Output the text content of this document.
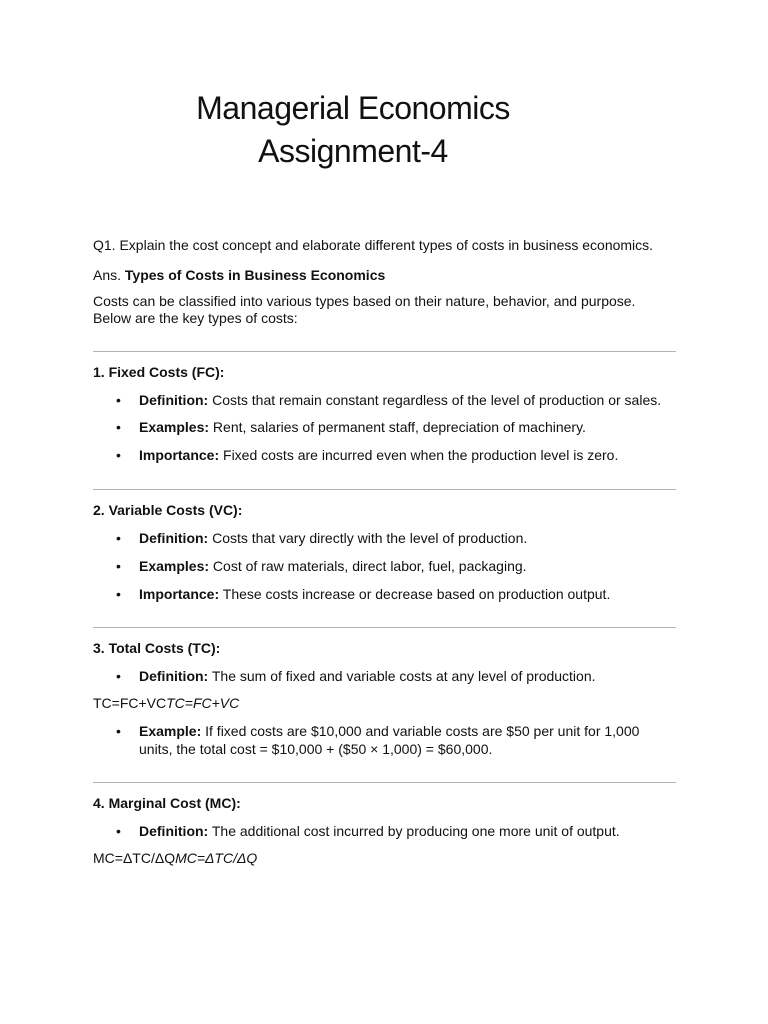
Managerial Economics
Assignment-4

Q1. Explain the cost concept and elaborate different types of costs in business economics.

Ans. Types of Costs in Business Economics

Costs can be classified into various types based on their nature, behavior, and purpose. Below are the key types of costs:

1. Fixed Costs (FC):
• Definition: Costs that remain constant regardless of the level of production or sales.
• Examples: Rent, salaries of permanent staff, depreciation of machinery.
• Importance: Fixed costs are incurred even when the production level is zero.
2. Variable Costs (VC):
• Definition: Costs that vary directly with the level of production.
• Examples: Cost of raw materials, direct labor, fuel, packaging.
• Importance: These costs increase or decrease based on production output.
3. Total Costs (TC):
• Definition: The sum of fixed and variable costs at any level of production.

TC=FC+VCTC=FC+VC

• Example: If fixed costs are $10,000 and variable costs are $50 per unit for 1,000 units, the total cost = $10,000 + ($50 × 1,000) = $60,000.
4. Marginal Cost (MC):
• Definition: The additional cost incurred by producing one more unit of output.

MC=ΔTC/ΔQMC=ΔTC/ΔQ
